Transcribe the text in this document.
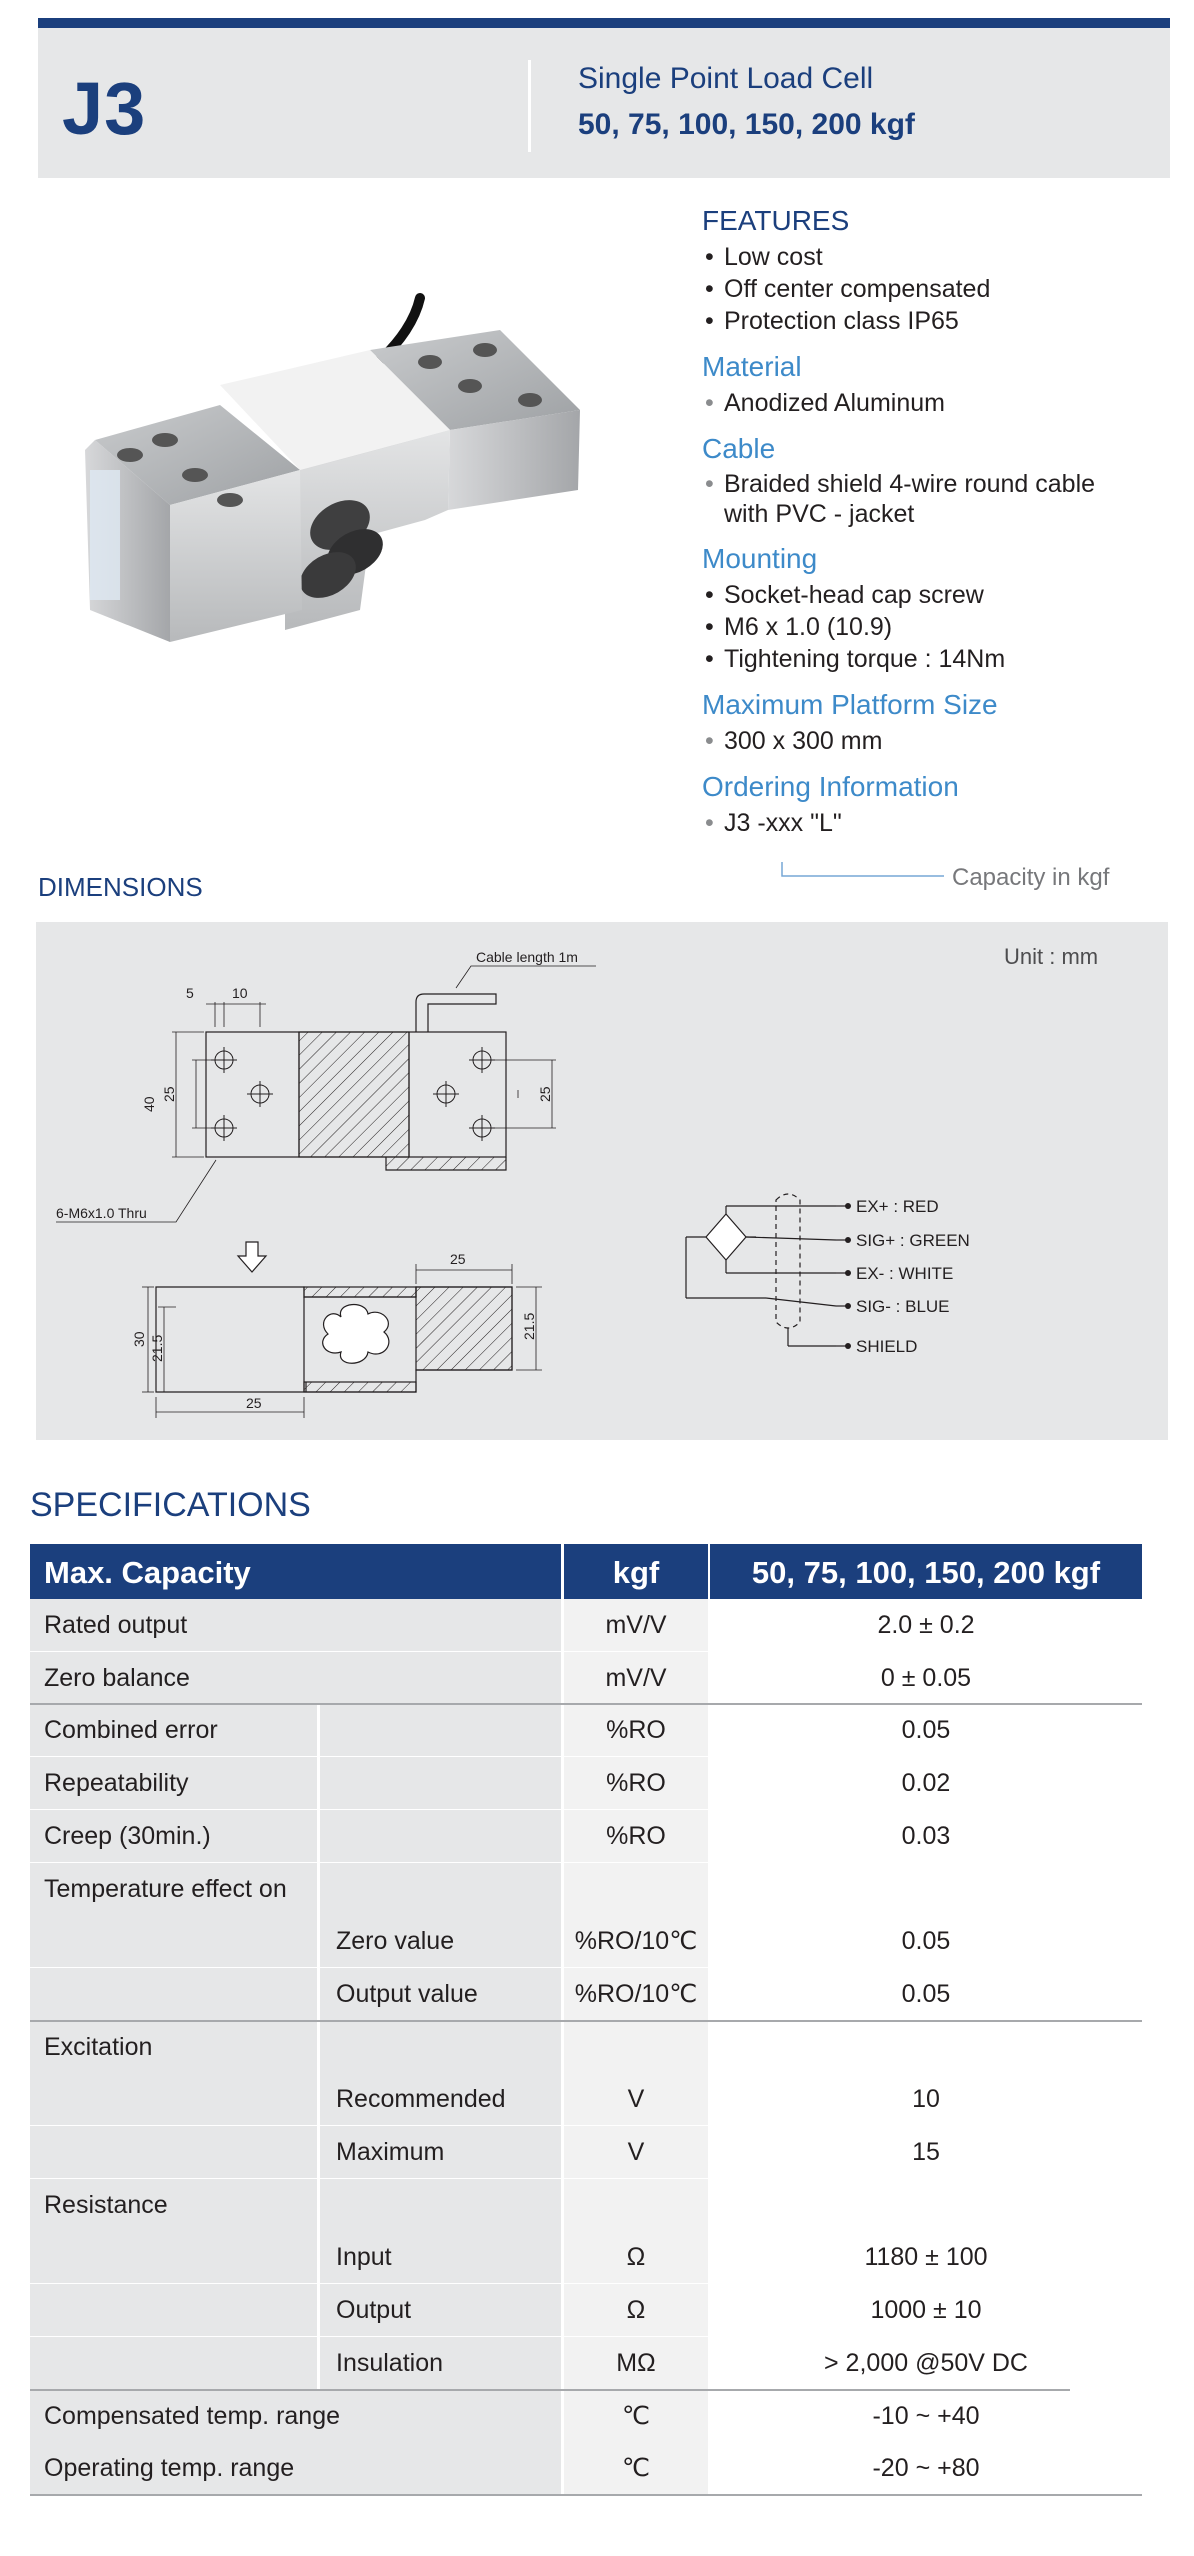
J3	Single Point Load Cell
50, 75, 100, 150, 200 kgf
FEATURES
• Low cost
• Off center compensated
• Protection class IP65
Material
• Anodized Aluminum
Cable
• Braided shield 4-wire round cable
with PVC - jacket
Mounting
• Socket-head cap screw
• M6 x 1.0 (10.9)
• Tightening torque : 14Nm
Maximum Platform Size
• 300 x 300 mm
Ordering Information
• J3 -xxx "L"
Capacity in kgf
DIMENSIONS
Unit : mm
Cable length 1m
6-M6x1.0 Thru
5	10
40
25	25
25
30 21.5
21.5
25
EX+ : RED
SIG+ : GREEN
EX- : WHITE
SIG- : BLUE
SHIELD
SPECIFICATIONS
Max. Capacity	kgf	50, 75, 100, 150, 200 kgf
Rated output	mV/V	2.0 ± 0.2
Zero balance	mV/V	0 ± 0.05
Combined error	%RO	0.05
Repeatability	%RO	0.02
Creep (30min.)	%RO	0.03
Temperature effect on
Zero value	%RO/10℃	0.05
Output value	%RO/10℃	0.05
Excitation
Recommended	V	10
Maximum	V	15
Resistance
Input	Ω	1180 ± 100
Output	Ω	1000 ± 10
Insulation	MΩ	> 2,000 @50V DC
Compensated temp. range	℃	-10 ~ +40
Operating temp. range	℃	-20 ~ +80
